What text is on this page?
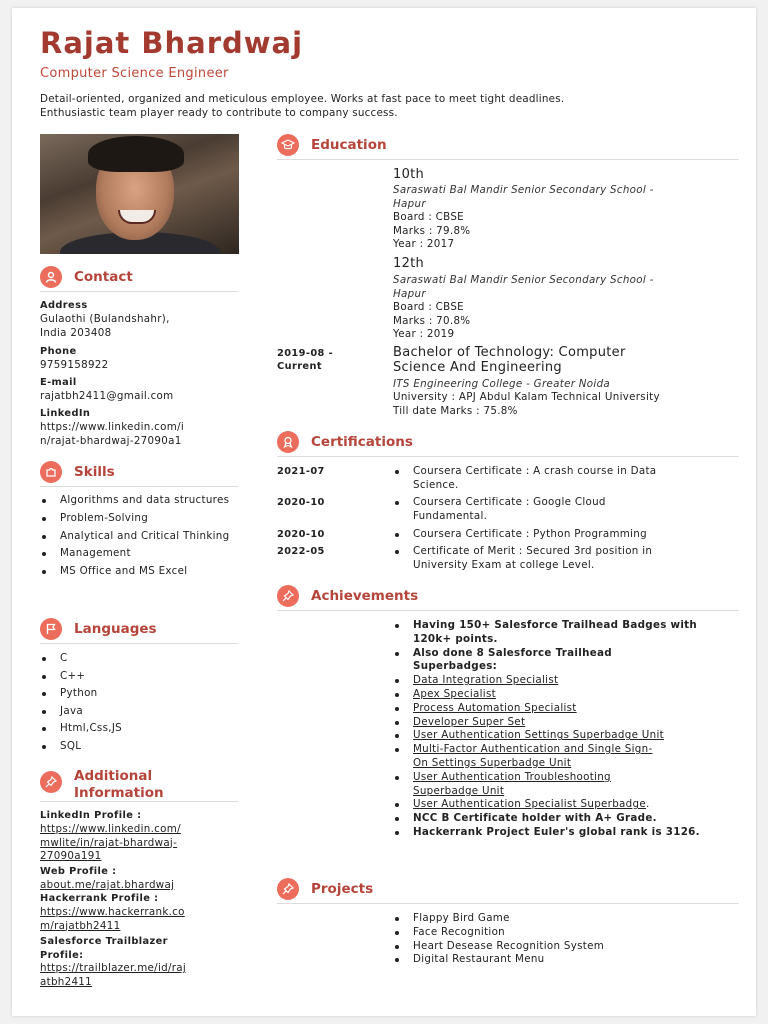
Rajat Bhardwaj
Computer Science Engineer
Detail-oriented, organized and meticulous employee. Works at fast pace to meet tight deadlines.
Enthusiastic team player ready to contribute to company success.
Contact
Address
Gulaothi (Bulandshahr),
India 203408
Phone
9759158922
E-mail
rajatbh2411@gmail.com
LinkedIn
https://www.linkedin.com/i
n/rajat-bhardwaj-27090a1
Skills
Algorithms and data structures
Problem-Solving
Analytical and Critical Thinking
Management
MS Office and MS Excel
Languages
C
C++
Python
Java
Html,Css,JS
SQL
Additional Information
LinkedIn Profile :
https://www.linkedin.com/
mwlite/in/rajat-bhardwaj-
27090a191
Web Profile :
about.me/rajat.bhardwaj
Hackerrank Profile :
https://www.hackerrank.co
m/rajatbh2411
Salesforce Trailblazer
Profile:
https://trailblazer.me/id/raj
atbh2411
Education
10th
Saraswati Bal Mandir Senior Secondary School -
Hapur
Board : CBSE
Marks : 79.8%
Year : 2017
12th
Saraswati Bal Mandir Senior Secondary School -
Hapur
Board : CBSE
Marks : 70.8%
Year : 2019
2019-08 -
Current
Bachelor of Technology: Computer
Science And Engineering
ITS Engineering College - Greater Noida
University : APJ Abdul Kalam Technical University
Till date Marks : 75.8%
Certifications
2021-07	Coursera Certificate : A crash course in Data
Science.
2020-10	Coursera Certificate : Google Cloud
Fundamental.
2020-10	Coursera Certificate : Python Programming
2022-05	Certificate of Merit : Secured 3rd position in
University Exam at college Level.
Achievements
Having 150+ Salesforce Trailhead Badges with
120k+ points.
Also done 8 Salesforce Trailhead
Superbadges:
Data Integration Specialist
Apex Specialist
Process Automation Specialist
Developer Super Set
User Authentication Settings Superbadge Unit
Multi-Factor Authentication and Single Sign-
On Settings Superbadge Unit
User Authentication Troubleshooting
Superbadge Unit
User Authentication Specialist Superbadge.
NCC B Certificate holder with A+ Grade.
Hackerrank Project Euler's global rank is 3126.
Projects
Flappy Bird Game
Face Recognition
Heart Desease Recognition System
Digital Restaurant Menu
